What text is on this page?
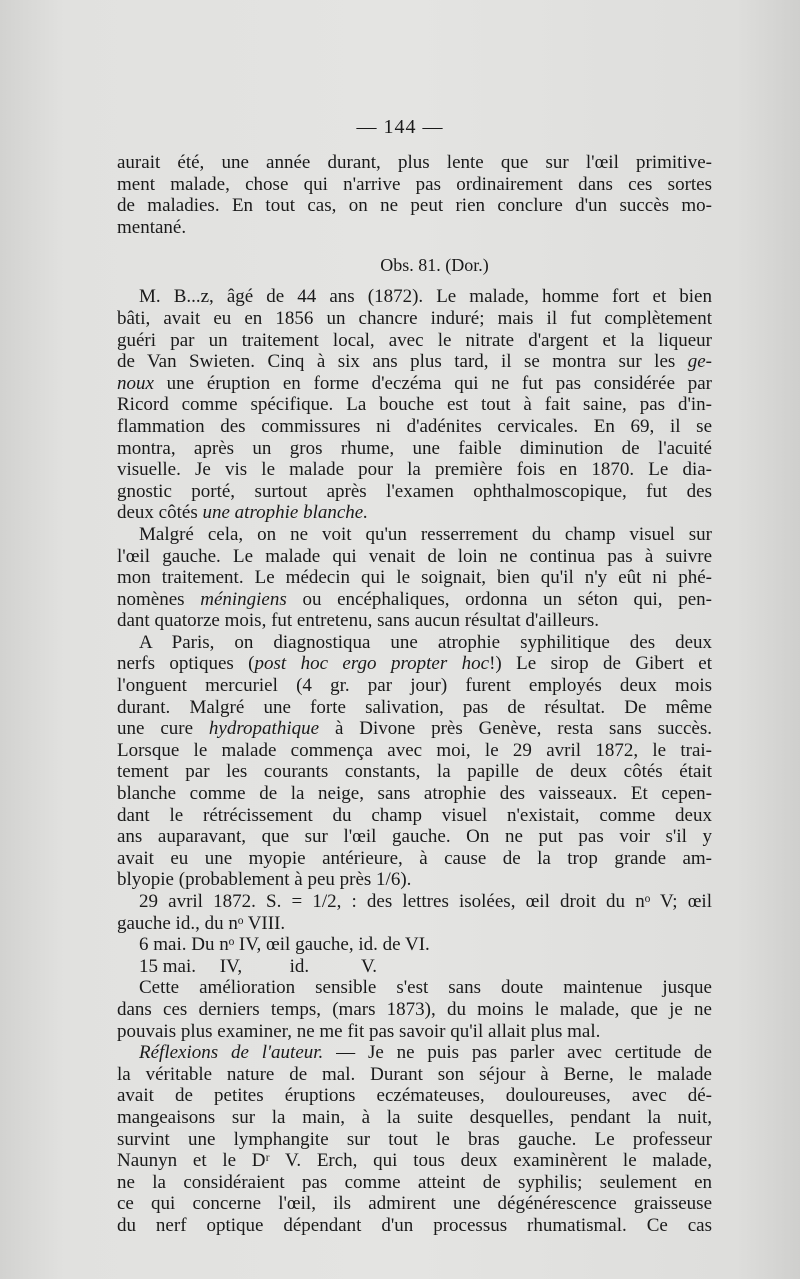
— 144 —

aurait été, une année durant, plus lente que sur l'œil primitive-

ment malade, chose qui n'arrive pas ordinairement dans ces sortes

de maladies. En tout cas, on ne peut rien conclure d'un succès mo-

mentané.

Obs. 81. (Dor.)

M. B...z, âgé de 44 ans (1872). Le malade, homme fort et bien

bâti, avait eu en 1856 un chancre induré; mais il fut complètement

guéri par un traitement local, avec le nitrate d'argent et la liqueur

de Van Swieten. Cinq à six ans plus tard, il se montra sur les ge-

noux une éruption en forme d'eczéma qui ne fut pas considérée par

Ricord comme spécifique. La bouche est tout à fait saine, pas d'in-

flammation des commissures ni d'adénites cervicales. En 69, il se

montra, après un gros rhume, une faible diminution de l'acuité

visuelle. Je vis le malade pour la première fois en 1870. Le dia-

gnostic porté, surtout après l'examen ophthalmoscopique, fut des

deux côtés une atrophie blanche.

Malgré cela, on ne voit qu'un resserrement du champ visuel sur

l'œil gauche. Le malade qui venait de loin ne continua pas à suivre

mon traitement. Le médecin qui le soignait, bien qu'il n'y eût ni phé-

nomènes méningiens ou encéphaliques, ordonna un séton qui, pen-

dant quatorze mois, fut entretenu, sans aucun résultat d'ailleurs.

A Paris, on diagnostiqua une atrophie syphilitique des deux

nerfs optiques (post hoc ergo propter hoc!) Le sirop de Gibert et

l'onguent mercuriel (4 gr. par jour) furent employés deux mois

durant. Malgré une forte salivation, pas de résultat. De même

une cure hydropathique à Divone près Genève, resta sans succès.

Lorsque le malade commença avec moi, le 29 avril 1872, le trai-

tement par les courants constants, la papille de deux côtés était

blanche comme de la neige, sans atrophie des vaisseaux. Et cepen-

dant le rétrécissement du champ visuel n'existait, comme deux

ans auparavant, que sur l'œil gauche. On ne put pas voir s'il y

avait eu une myopie antérieure, à cause de la trop grande am-

blyopie (probablement à peu près 1/6).

29 avril 1872. S. = 1/2, : des lettres isolées, œil droit du nᵒ V; œil

gauche id., du nᵒ VIII.

6 mai. Du nᵒ IV, œil gauche, id. de VI.

15 mai.     IV,          id.           V.

Cette amélioration sensible s'est sans doute maintenue jusque

dans ces derniers temps, (mars 1873), du moins le malade, que je ne

pouvais plus examiner, ne me fit pas savoir qu'il allait plus mal.

Réflexions de l'auteur. — Je ne puis pas parler avec certitude de

la véritable nature de mal. Durant son séjour à Berne, le malade

avait de petites éruptions eczémateuses, douloureuses, avec dé-

mangeaisons sur la main, à la suite desquelles, pendant la nuit,

survint une lymphangite sur tout le bras gauche. Le professeur

Naunyn et le Dʳ V. Erch, qui tous deux examinèrent le malade,

ne la considéraient pas comme atteint de syphilis; seulement en

ce qui concerne l'œil, ils admirent une dégénérescence graisseuse

du nerf optique dépendant d'un processus rhumatismal. Ce cas
